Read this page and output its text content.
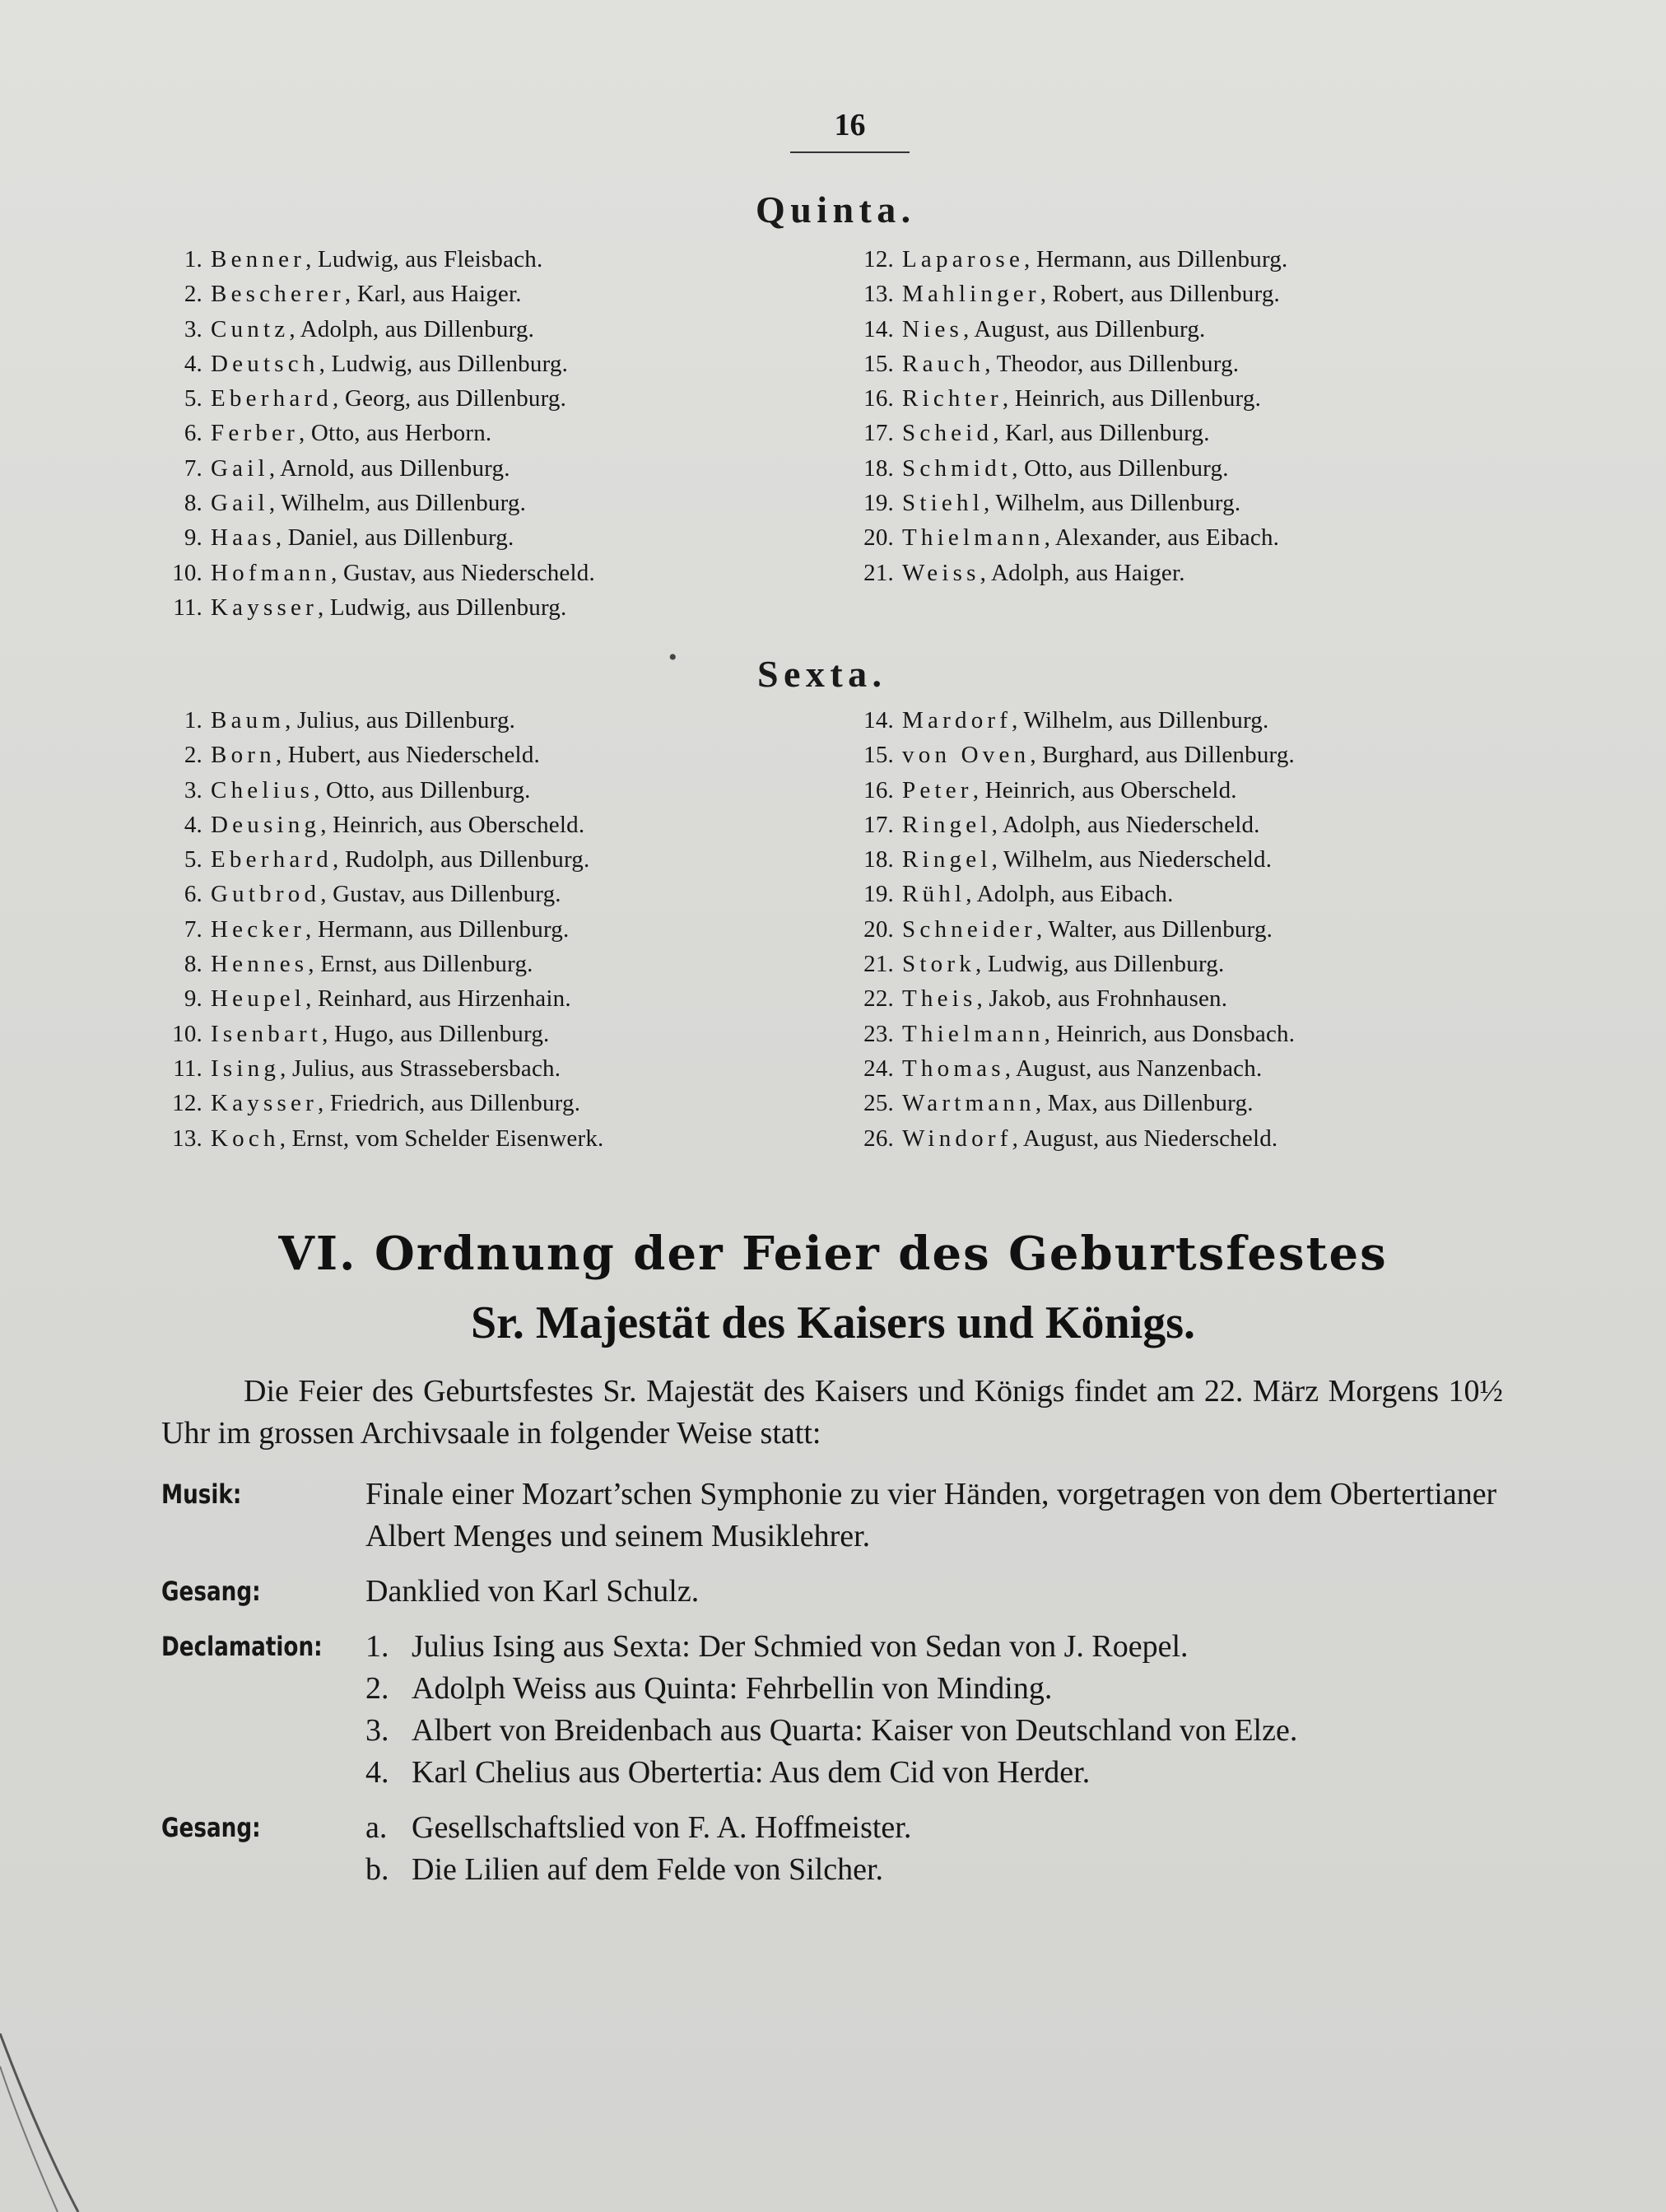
16
Quinta.
1. Benner, Ludwig, aus Fleisbach.
2. Bescherer, Karl, aus Haiger.
3. Cuntz, Adolph, aus Dillenburg.
4. Deutsch, Ludwig, aus Dillenburg.
5. Eberhard, Georg, aus Dillenburg.
6. Ferber, Otto, aus Herborn.
7. Gail, Arnold, aus Dillenburg.
8. Gail, Wilhelm, aus Dillenburg.
9. Haas, Daniel, aus Dillenburg.
10. Hofmann, Gustav, aus Niederscheld.
11. Kaysser, Ludwig, aus Dillenburg.
12. Laparose, Hermann, aus Dillenburg.
13. Mahlinger, Robert, aus Dillenburg.
14. Nies, August, aus Dillenburg.
15. Rauch, Theodor, aus Dillenburg.
16. Richter, Heinrich, aus Dillenburg.
17. Scheid, Karl, aus Dillenburg.
18. Schmidt, Otto, aus Dillenburg.
19. Stiehl, Wilhelm, aus Dillenburg.
20. Thielmann, Alexander, aus Eibach.
21. Weiss, Adolph, aus Haiger.
• Sexta.
1. Baum, Julius, aus Dillenburg.
2. Born, Hubert, aus Niederscheld.
3. Chelius, Otto, aus Dillenburg.
4. Deusing, Heinrich, aus Oberscheld.
5. Eberhard, Rudolph, aus Dillenburg.
6. Gutbrod, Gustav, aus Dillenburg.
7. Hecker, Hermann, aus Dillenburg.
8. Hennes, Ernst, aus Dillenburg.
9. Heupel, Reinhard, aus Hirzenhain.
10. Isenbart, Hugo, aus Dillenburg.
11. Ising, Julius, aus Strassebersbach.
12. Kaysser, Friedrich, aus Dillenburg.
13. Koch, Ernst, vom Schelder Eisenwerk.
14. Mardorf, Wilhelm, aus Dillenburg.
15. von Oven, Burghard, aus Dillenburg.
16. Peter, Heinrich, aus Oberscheld.
17. Ringel, Adolph, aus Niederscheld.
18. Ringel, Wilhelm, aus Niederscheld.
19. Rühl, Adolph, aus Eibach.
20. Schneider, Walter, aus Dillenburg.
21. Stork, Ludwig, aus Dillenburg.
22. Theis, Jakob, aus Frohnhausen.
23. Thielmann, Heinrich, aus Donsbach.
24. Thomas, August, aus Nanzenbach.
25. Wartmann, Max, aus Dillenburg.
26. Windorf, August, aus Niederscheld.
VI. Ordnung der Feier des Geburtsfestes
Sr. Majestät des Kaisers und Königs.
Die Feier des Geburtsfestes Sr. Majestät des Kaisers und Königs findet am 22. März Morgens 10½ Uhr im grossen Archivsaale in folgender Weise statt:
Musik:	Finale einer Mozart’schen Symphonie zu vier Händen, vorgetragen von dem Obertertianer Albert Menges und seinem Musiklehrer.
Gesang:	Danklied von Karl Schulz.
Declamation: 1. Julius Ising aus Sexta: Der Schmied von Sedan von J. Roepel.
2. Adolph Weiss aus Quinta: Fehrbellin von Minding.
3. Albert von Breidenbach aus Quarta: Kaiser von Deutschland von Elze.
4. Karl Chelius aus Obertertia: Aus dem Cid von Herder.
Gesang:	a. Gesellschaftslied von F. A. Hoffmeister.
b. Die Lilien auf dem Felde von Silcher.
